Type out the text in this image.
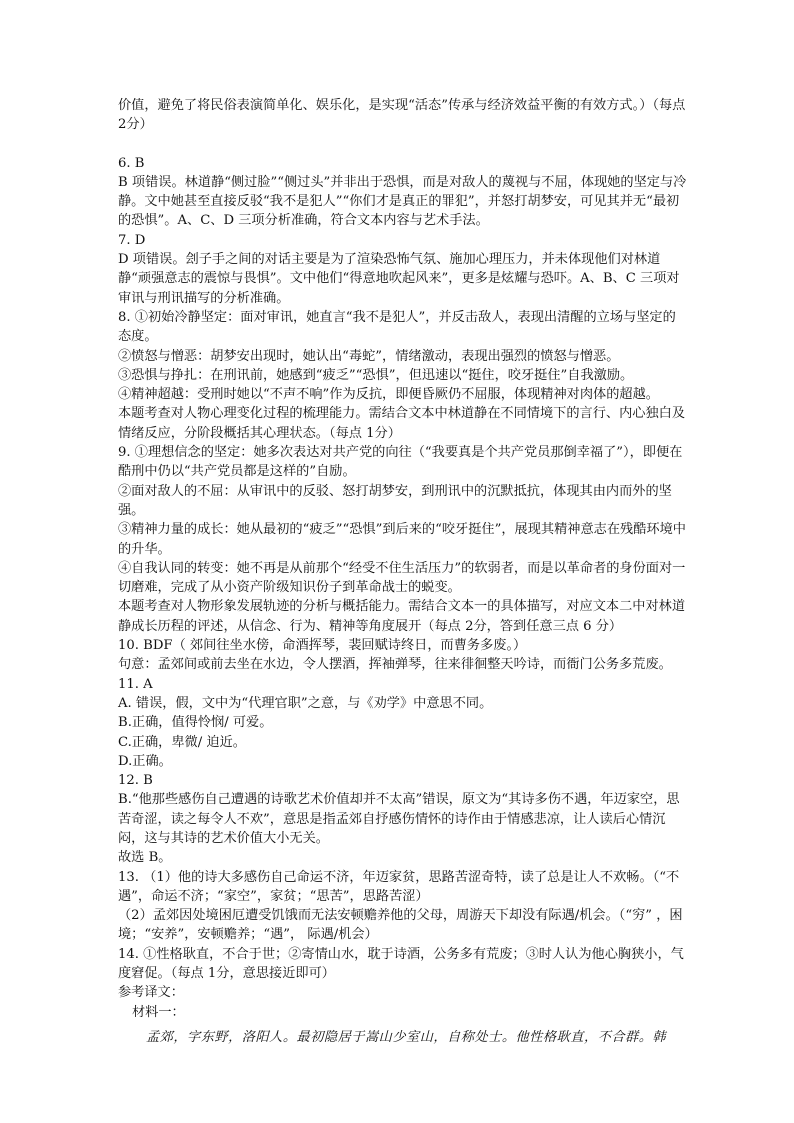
价值，避免了将民俗表演简单化、娱乐化，是实现“活态”传承与经济效益平衡的有效方式。）（每点 2分）

6. B

B 项错误。林道静“侧过脸”“侧过头”并非出于恐惧，而是对敌人的蔑视与不屈，体现她的坚定与冷静。文中她甚至直接反驳“我不是犯人”“你们才是真正的罪犯”，并怒打胡梦安，可见其并无“最初的恐惧”。A、C、D 三项分析准确，符合文本内容与艺术手法。

7. D

D 项错误。刽子手之间的对话主要是为了渲染恐怖气氛、施加心理压力，并未体现他们对林道静“顽强意志的震惊与畏惧”。文中他们“得意地吹起风来”，更多是炫耀与恐吓。A、B、C 三项对审讯与刑讯描写的分析准确。

8. ①初始冷静坚定：面对审讯，她直言“我不是犯人”，并反击敌人，表现出清醒的立场与坚定的态度。

②愤怒与憎恶：胡梦安出现时，她认出“毒蛇”，情绪激动，表现出强烈的愤怒与憎恶。

③恐惧与挣扎：在刑讯前，她感到“疲乏”“恐惧”，但迅速以“挺住，咬牙挺住”自我激励。

④精神超越：受刑时她以“不声不响”作为反抗，即便昏厥仍不屈服，体现精神对肉体的超越。

本题考查对人物心理变化过程的梳理能力。需结合文本中林道静在不同情境下的言行、内心独白及情绪反应，分阶段概括其心理状态。（每点 1分）

9. ①理想信念的坚定：她多次表达对共产党的向往（“我要真是个共产党员那倒幸福了”），即便在酷刑中仍以“共产党员都是这样的”自励。

②面对敌人的不屈：从审讯中的反驳、怒打胡梦安，到刑讯中的沉默抵抗，体现其由内而外的坚强。

③精神力量的成长：她从最初的“疲乏”“恐惧”到后来的“咬牙挺住”，展现其精神意志在残酷环境中的升华。

④自我认同的转变：她不再是从前那个“经受不住生活压力”的软弱者，而是以革命者的身份面对一切磨难，完成了从小资产阶级知识份子到革命战士的蜕变。

本题考查对人物形象发展轨迹的分析与概括能力。需结合文本一的具体描写，对应文本二中对林道静成长历程的评述，从信念、行为、精神等角度展开（每点 2分，答到任意三点 6 分）

10. BDF（ 郊间往坐水傍，命酒挥琴，裴回赋诗终日，而曹务多废。）

句意：孟郊间或前去坐在水边，令人摆酒，挥袖弹琴，往来徘徊整天吟诗，而衙门公务多荒废。

11. A

A. 错误，假，文中为“代理官职”之意，与《劝学》中意思不同。

B.正确，值得怜悯/ 可爱。

C.正确，卑微/ 迫近。

D.正确。

12. B

B.“他那些感伤自己遭遇的诗歌艺术价值却并不太高”错误，原文为“其诗多伤不遇，年迈家空，思苦奇涩，读之每令人不欢”，意思是指孟郊自抒感伤情怀的诗作由于情感悲凉，让人读后心情沉闷，这与其诗的艺术价值大小无关。

故选 B。

13. （1）他的诗大多感伤自己命运不济，年迈家贫，思路苦涩奇特，读了总是让人不欢畅。（“不遇”，命运不济；“家空”，家贫；“思苦”，思路苦涩）

（2）孟郊因处境困厄遭受饥饿而无法安顿赡养他的父母，周游天下却没有际遇/机会。（“穷” ，困境；“安养”，安顿赡养；“遇”， 际遇/机会）

14. ①性格耿直，不合于世；②寄情山水，耽于诗酒，公务多有荒废；③时人认为他心胸狭小，气度窘促。（每点 1分，意思接近即可）

参考译文：

材料一：

孟郊，字东野，洛阳人。最初隐居于嵩山少室山，自称处士。他性格耿直，不合群。韩
